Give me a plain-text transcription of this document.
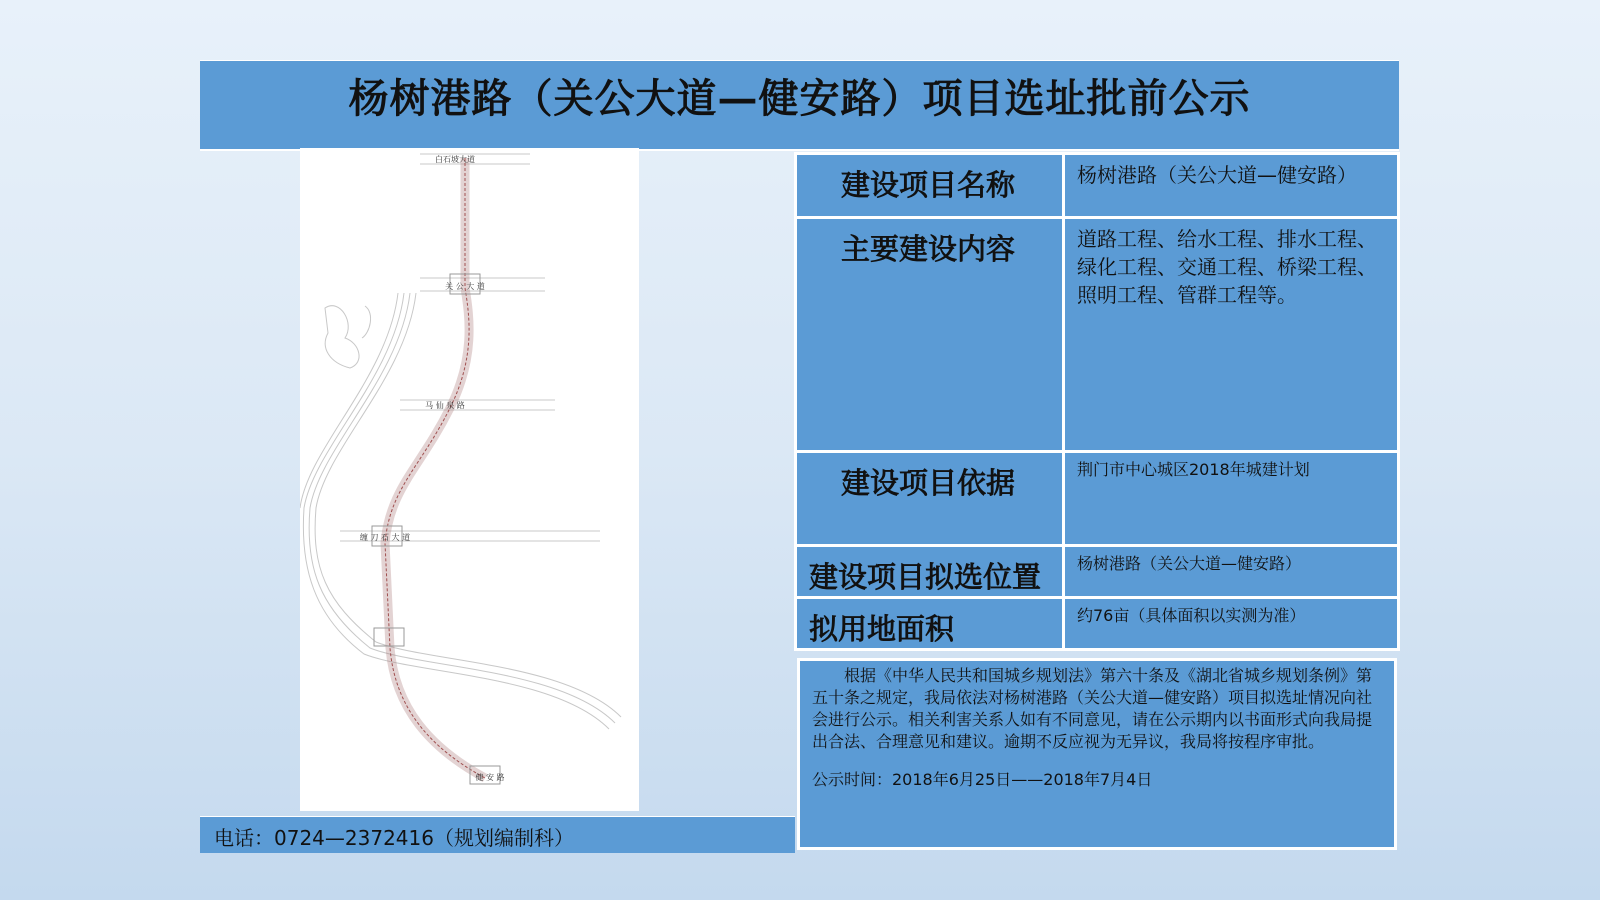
杨树港路（关公大道—健安路）项目选址批前公示
白石坡大道
关 公 大 道
马 仙 泉 路
缠 刀 石 大 道
健 安 路
电话：0724—2372416（规划编制科）
建设项目名称	杨树港路（关公大道—健安路）

主要建设内容	道路工程、给水工程、排水工程、绿化工程、交通工程、桥梁工程、照明工程、管群工程等。

建设项目依据	荆门市中心城区2018年城建计划

建设项目拟选位置	杨树港路（关公大道—健安路）

拟用地面积	约76亩（具体面积以实测为准）

根据《中华人民共和国城乡规划法》第六十条及《湖北省城乡规划条例》第五十条之规定，我局依法对杨树港路（关公大道—健安路）项目拟选址情况向社会进行公示。相关利害关系人如有不同意见，请在公示期内以书面形式向我局提出合法、合理意见和建议。逾期不反应视为无异议，我局将按程序审批。

公示时间：2018年6月25日——2018年7月4日
